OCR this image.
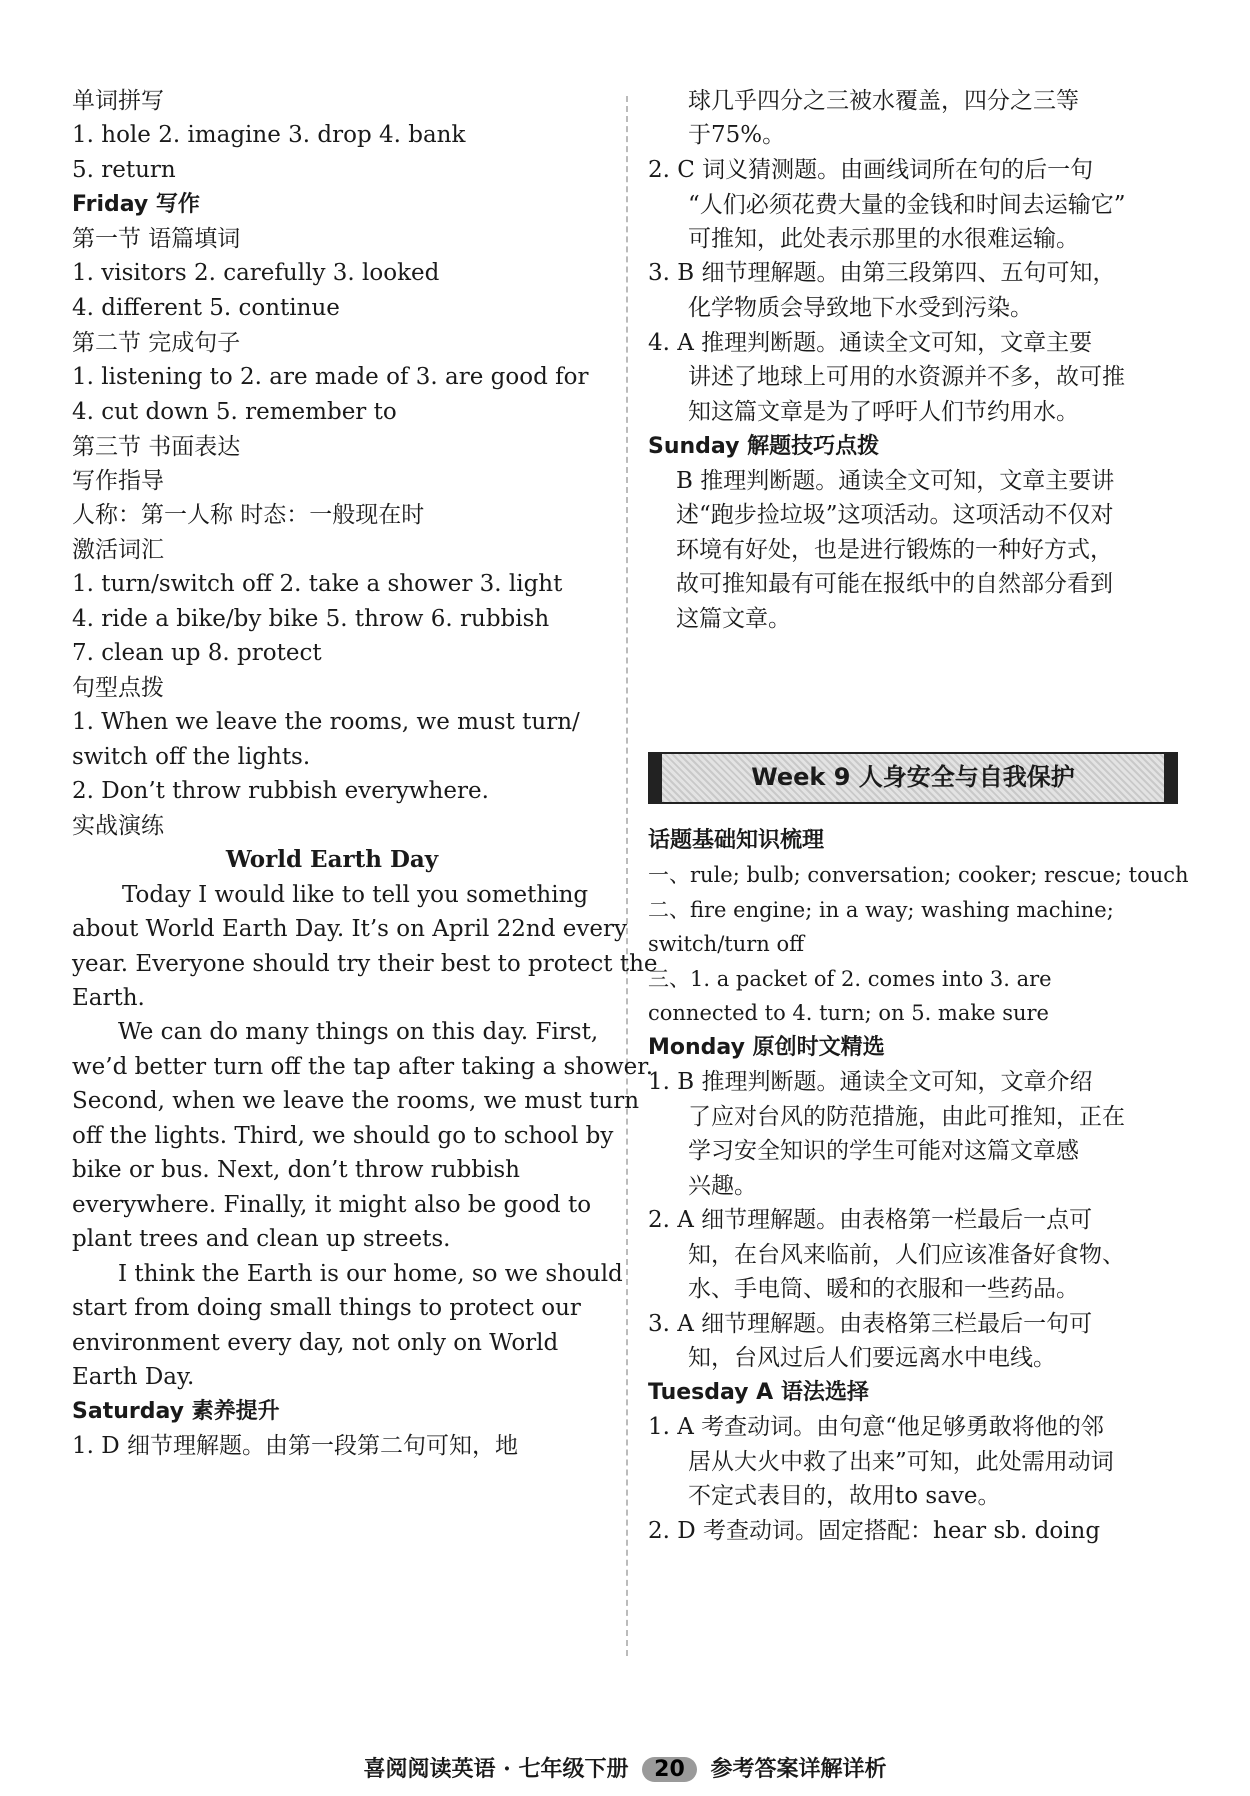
单词拼写
1. hole 2. imagine 3. drop 4. bank
5. return
Friday 写作
第一节 语篇填词
1. visitors 2. carefully 3. looked
4. different 5. continue
第二节 完成句子
1. listening to 2. are made of 3. are good for
4. cut down 5. remember to
第三节 书面表达
写作指导
人称：第一人称 时态：一般现在时
激活词汇
1. turn/switch off 2. take a shower 3. light
4. ride a bike/by bike 5. throw 6. rubbish
7. clean up 8. protect
句型点拨
1. When we leave the rooms, we must turn/
switch off the lights.
2. Don’t throw rubbish everywhere.
实战演练
World Earth Day
Today I would like to tell you something
about World Earth Day. It’s on April 22nd every
year. Everyone should try their best to protect the
Earth.
We can do many things on this day. First,
we’d better turn off the tap after taking a shower.
Second, when we leave the rooms, we must turn
off the lights. Third, we should go to school by
bike or bus. Next, don’t throw rubbish
everywhere. Finally, it might also be good to
plant trees and clean up streets.
I think the Earth is our home, so we should
start from doing small things to protect our
environment every day, not only on World
Earth Day.
Saturday 素养提升
1. D 细节理解题。由第一段第二句可知，地
球几乎四分之三被水覆盖，四分之三等
于75%。
2. C 词义猜测题。由画线词所在句的后一句
“人们必须花费大量的金钱和时间去运输它”
可推知，此处表示那里的水很难运输。
3. B 细节理解题。由第三段第四、五句可知，
化学物质会导致地下水受到污染。
4. A 推理判断题。通读全文可知，文章主要
讲述了地球上可用的水资源并不多，故可推
知这篇文章是为了呼吁人们节约用水。
Sunday 解题技巧点拨
B 推理判断题。通读全文可知，文章主要讲
述“跑步捡垃圾”这项活动。这项活动不仅对
环境有好处，也是进行锻炼的一种好方式，
故可推知最有可能在报纸中的自然部分看到
这篇文章。
Week 9 人身安全与自我保护
话题基础知识梳理
一、rule; bulb; conversation; cooker; rescue; touch
二、fire engine; in a way; washing machine;
switch/turn off
三、1. a packet of 2. comes into 3. are
connected to 4. turn; on 5. make sure
Monday 原创时文精选
1. B 推理判断题。通读全文可知，文章介绍
了应对台风的防范措施，由此可推知，正在
学习安全知识的学生可能对这篇文章感
兴趣。
2. A 细节理解题。由表格第一栏最后一点可
知，在台风来临前，人们应该准备好食物、
水、手电筒、暖和的衣服和一些药品。
3. A 细节理解题。由表格第三栏最后一句可
知，台风过后人们要远离水中电线。
Tuesday A 语法选择
1. A 考查动词。由句意“他足够勇敢将他的邻
居从大火中救了出来”可知，此处需用动词
不定式表目的，故用to save。
2. D 考查动词。固定搭配：hear sb. doing
喜阅阅读英语 · 七年级下册 20 参考答案详解详析
